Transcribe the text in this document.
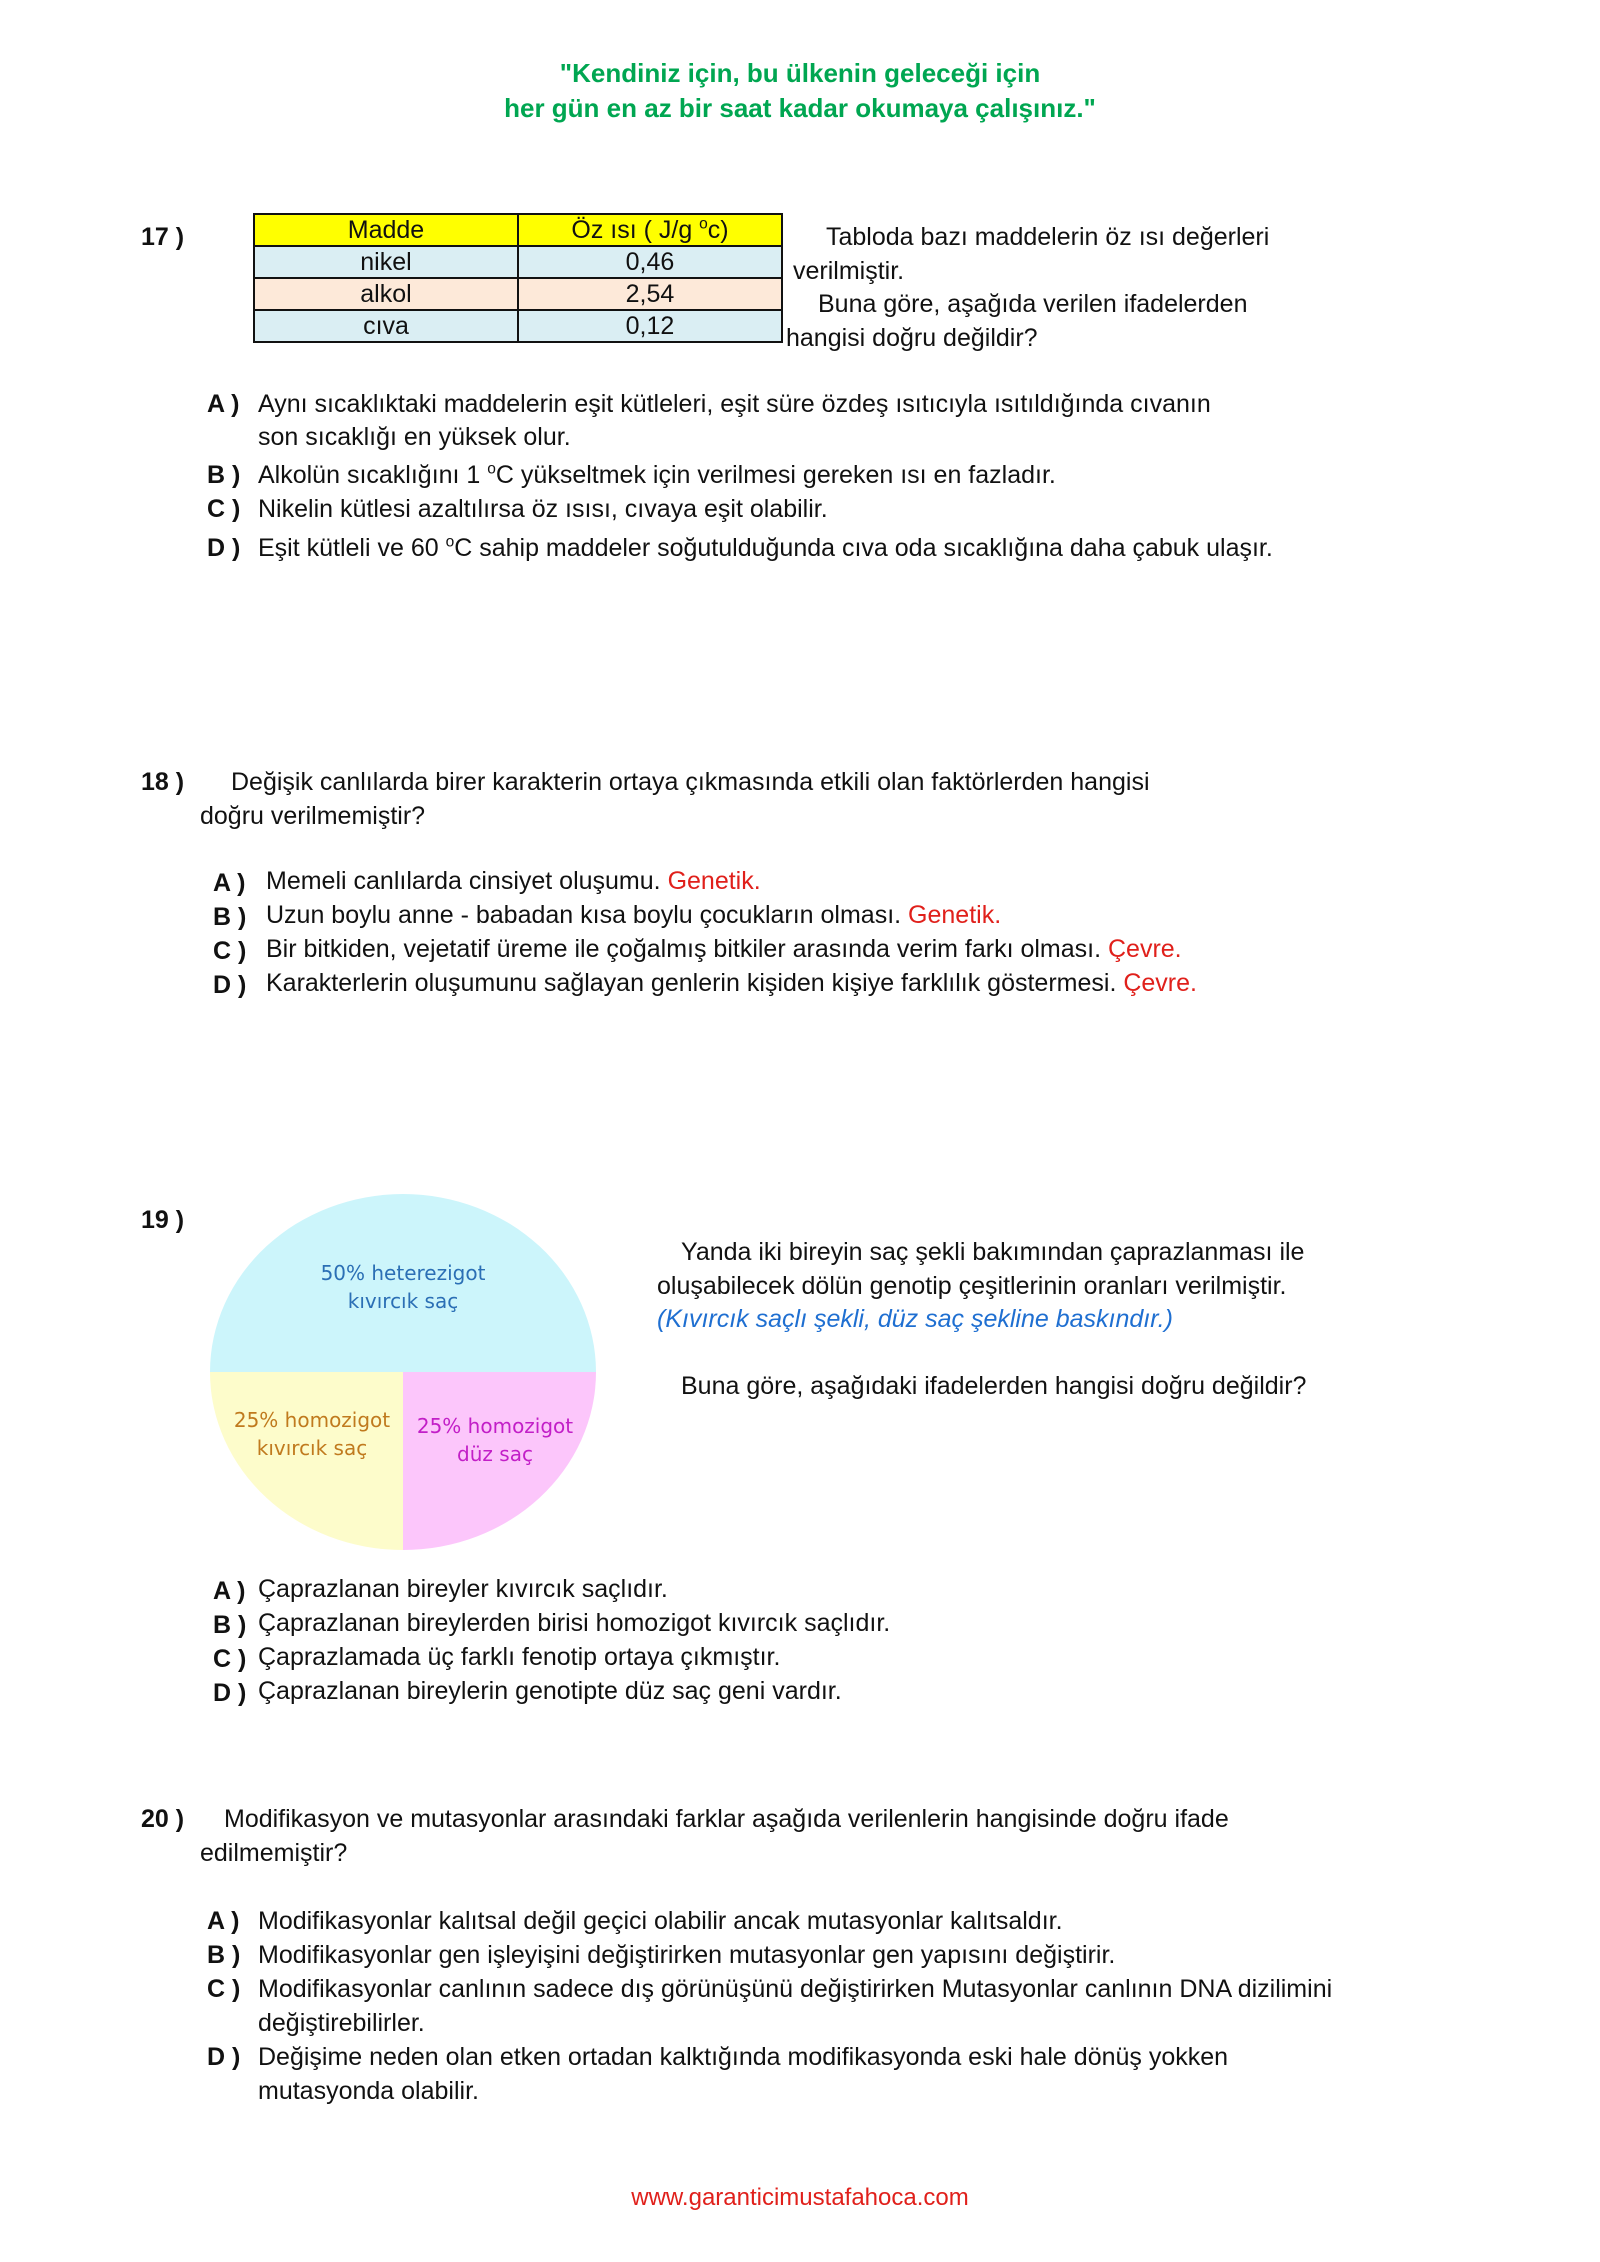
"Kendiniz için, bu ülkenin geleceği için
her gün en az bir saat kadar okumaya çalışınız."
17 )	Madde	Öz ısı ( J/g $^o$c)
nikel	0,46
alkol	2,54
cıva	0,12
Tabloda bazı maddelerin öz ısı değerleri
verilmiştir.
Buna göre, aşağıda verilen ifadelerden
hangisi doğru değildir?
A ) Aynı sıcaklıktaki maddelerin eşit kütleleri, eşit süre özdeş ısıtıcıyla ısıtıldığında cıvanın
son sıcaklığı en yüksek olur.
B ) Alkolün sıcaklığını 1 $^o$C yükseltmek için verilmesi gereken ısı en fazladır.
C ) Nikelin kütlesi azaltılırsa öz ısısı, cıvaya eşit olabilir.
D ) Eşit kütleli ve 60 $^o$C sahip maddeler soğutulduğunda cıva oda sıcaklığına daha çabuk ulaşır.
18 ) Değişik canlılarda birer karakterin ortaya çıkmasında etkili olan faktörlerden hangisi
doğru verilmemiştir?
A ) Memeli canlılarda cinsiyet oluşumu. Genetik.
B ) Uzun boylu anne - babadan kısa boylu çocukların olması. Genetik.
C ) Bir bitkiden, vejetatif üreme ile çoğalmış bitkiler arasında verim farkı olması. Çevre.
D ) Karakterlerin oluşumunu sağlayan genlerin kişiden kişiye farklılık göstermesi. Çevre.
19 )
50% heterezigot
kıvırcık saç
25% homozigot
kıvırcık saç
25% homozigot
düz saç
Yanda iki bireyin saç şekli bakımından çaprazlanması ile
oluşabilecek dölün genotip çeşitlerinin oranları verilmiştir.
(Kıvırcık saçlı şekli, düz saç şekline baskındır.)
Buna göre, aşağıdaki ifadelerden hangisi doğru değildir?
A ) Çaprazlanan bireyler kıvırcık saçlıdır.
B ) Çaprazlanan bireylerden birisi homozigot kıvırcık saçlıdır.
C ) Çaprazlamada üç farklı fenotip ortaya çıkmıştır.
D ) Çaprazlanan bireylerin genotipte düz saç geni vardır.
20 ) Modifikasyon ve mutasyonlar arasındaki farklar aşağıda verilenlerin hangisinde doğru ifade
edilmemiştir?
A ) Modifikasyonlar kalıtsal değil geçici olabilir ancak mutasyonlar kalıtsaldır.
B ) Modifikasyonlar gen işleyişini değiştirirken mutasyonlar gen yapısını değiştirir.
C ) Modifikasyonlar canlının sadece dış görünüşünü değiştirirken Mutasyonlar canlının DNA dizilimini
değiştirebilirler.
D ) Değişime neden olan etken ortadan kalktığında modifikasyonda eski hale dönüş yokken
mutasyonda olabilir.
www.garanticimustafahoca.com
